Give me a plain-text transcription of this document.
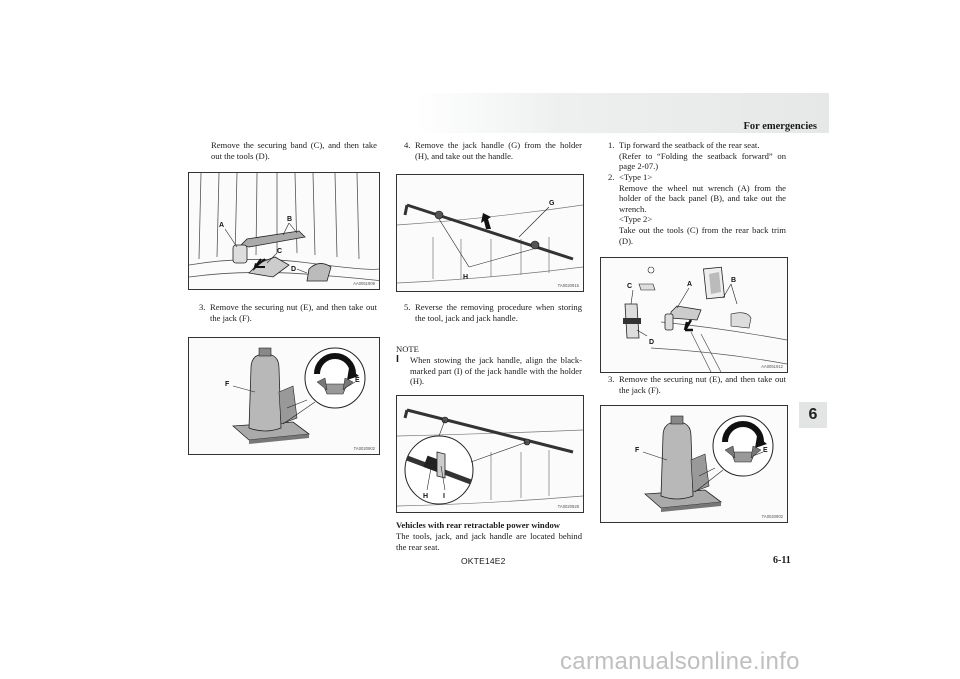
For emergencies
6
Remove the securing band (C), and then take out the tools (D).
A
B
C
D
AA0051909
3. Remove the securing nut (E), and then take out the jack (F).
F
E
TA0020902
4. Remove the jack handle (G) from the holder (H), and take out the handle.
G
H
TA0020915
5. Reverse the removing procedure when storing the tool, jack and jack handle.
NOTE
l	When stowing the jack handle, align the black-marked part (I) of the jack handle with the holder (H).
H I
TA0020928
Vehicles with rear retractable power window
The tools, jack, and jack handle are located behind the rear seat.
1. Tip forward the seatback of the rear seat.
(Refer to “Folding the seatback forward” on page 2-07.)
2. <Type 1>
Remove the wheel nut wrench (A) from the holder of the back panel (B), and take out the wrench.
<Type 2>
Take out the tools (C) from the rear back trim (D).
C	A
B
D
AA0051912
3. Remove the securing nut (E), and then take out the jack (F).
F	E
TA0020902
OKTE14E2	6-11
carmanualsonline.info
